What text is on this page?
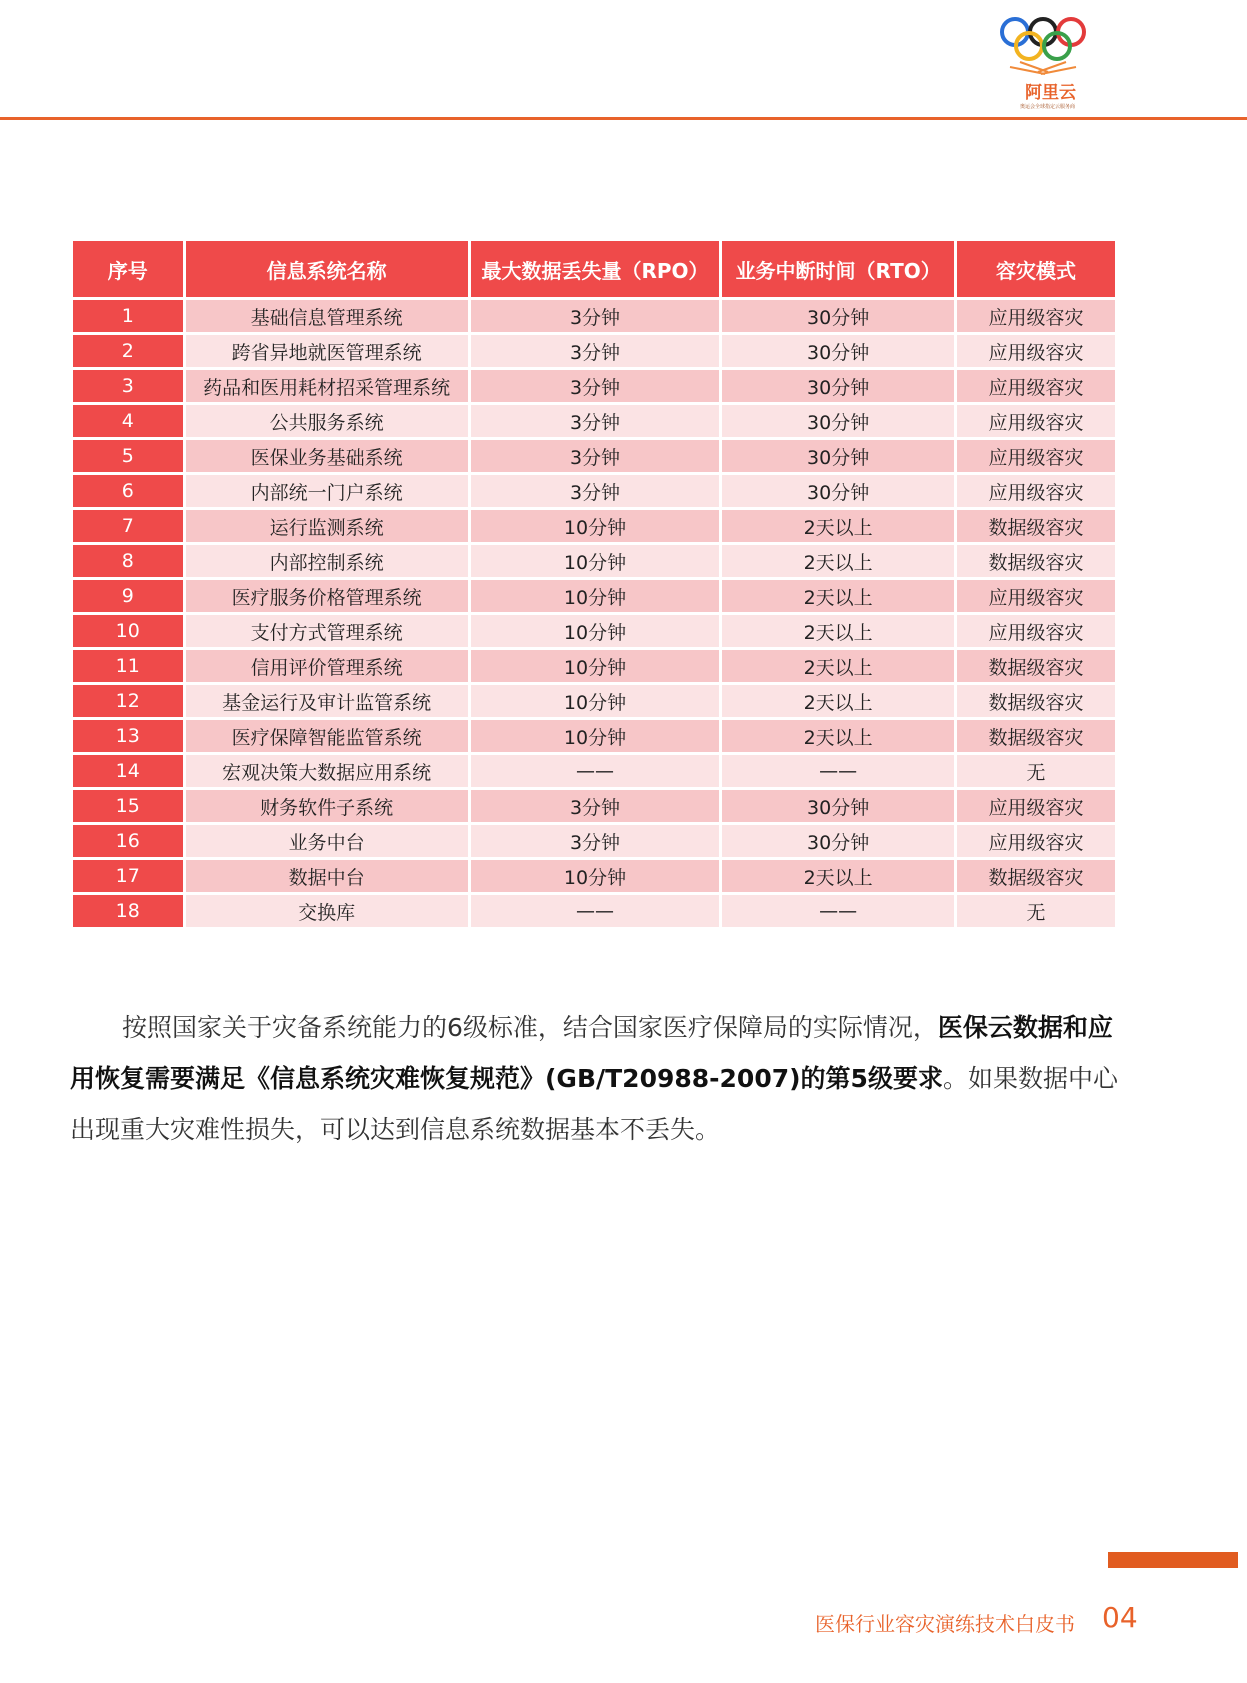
阿里云
奥运会全球指定云服务商
序号	信息系统名称	最大数据丢失量（RPO）	业务中断时间（RTO）	容灾模式
1	基础信息管理系统	3分钟	30分钟	应用级容灾
2	跨省异地就医管理系统	3分钟	30分钟	应用级容灾
3	药品和医用耗材招采管理系统	3分钟	30分钟	应用级容灾
4	公共服务系统	3分钟	30分钟	应用级容灾
5	医保业务基础系统	3分钟	30分钟	应用级容灾
6	内部统一门户系统	3分钟	30分钟	应用级容灾
7	运行监测系统	10分钟	2天以上	数据级容灾
8	内部控制系统	10分钟	2天以上	数据级容灾
9	医疗服务价格管理系统	10分钟	2天以上	应用级容灾
10	支付方式管理系统	10分钟	2天以上	应用级容灾
11	信用评价管理系统	10分钟	2天以上	数据级容灾
12	基金运行及审计监管系统	10分钟	2天以上	数据级容灾
13	医疗保障智能监管系统	10分钟	2天以上	数据级容灾
14	宏观决策大数据应用系统	——	——	无
15	财务软件子系统	3分钟	30分钟	应用级容灾
16	业务中台	3分钟	30分钟	应用级容灾
17	数据中台	10分钟	2天以上	数据级容灾
18	交换库	——	——	无
按照国家关于灾备系统能力的6级标准，结合国家医疗保障局的实际情况，医保云数据和应用恢复需要满足《信息系统灾难恢复规范》(GB/T20988-2007)的第5级要求。如果数据中心出现重大灾难性损失，可以达到信息系统数据基本不丢失。
医保行业容灾演练技术白皮书 04
